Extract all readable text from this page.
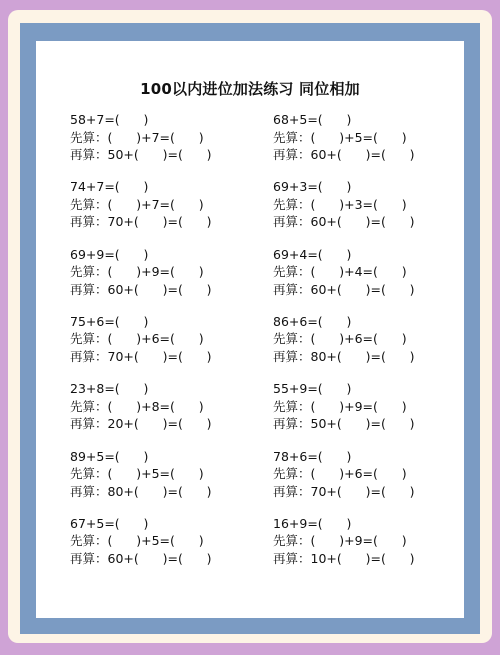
100以内进位加法练习 同位相加
58+7=(      )
先算：(      )+7=(      )
再算：50+(      )=(      )
68+5=(      )
先算：(      )+5=(      )
再算：60+(      )=(      )
74+7=(      )
先算：(      )+7=(      )
再算：70+(      )=(      )
69+3=(      )
先算：(      )+3=(      )
再算：60+(      )=(      )
69+9=(      )
先算：(      )+9=(      )
再算：60+(      )=(      )
69+4=(      )
先算：(      )+4=(      )
再算：60+(      )=(      )
75+6=(      )
先算：(      )+6=(      )
再算：70+(      )=(      )
86+6=(      )
先算：(      )+6=(      )
再算：80+(      )=(      )
23+8=(      )
先算：(      )+8=(      )
再算：20+(      )=(      )
55+9=(      )
先算：(      )+9=(      )
再算：50+(      )=(      )
89+5=(      )
先算：(      )+5=(      )
再算：80+(      )=(      )
78+6=(      )
先算：(      )+6=(      )
再算：70+(      )=(      )
67+5=(      )
先算：(      )+5=(      )
再算：60+(      )=(      )
16+9=(      )
先算：(      )+9=(      )
再算：10+(      )=(      )
